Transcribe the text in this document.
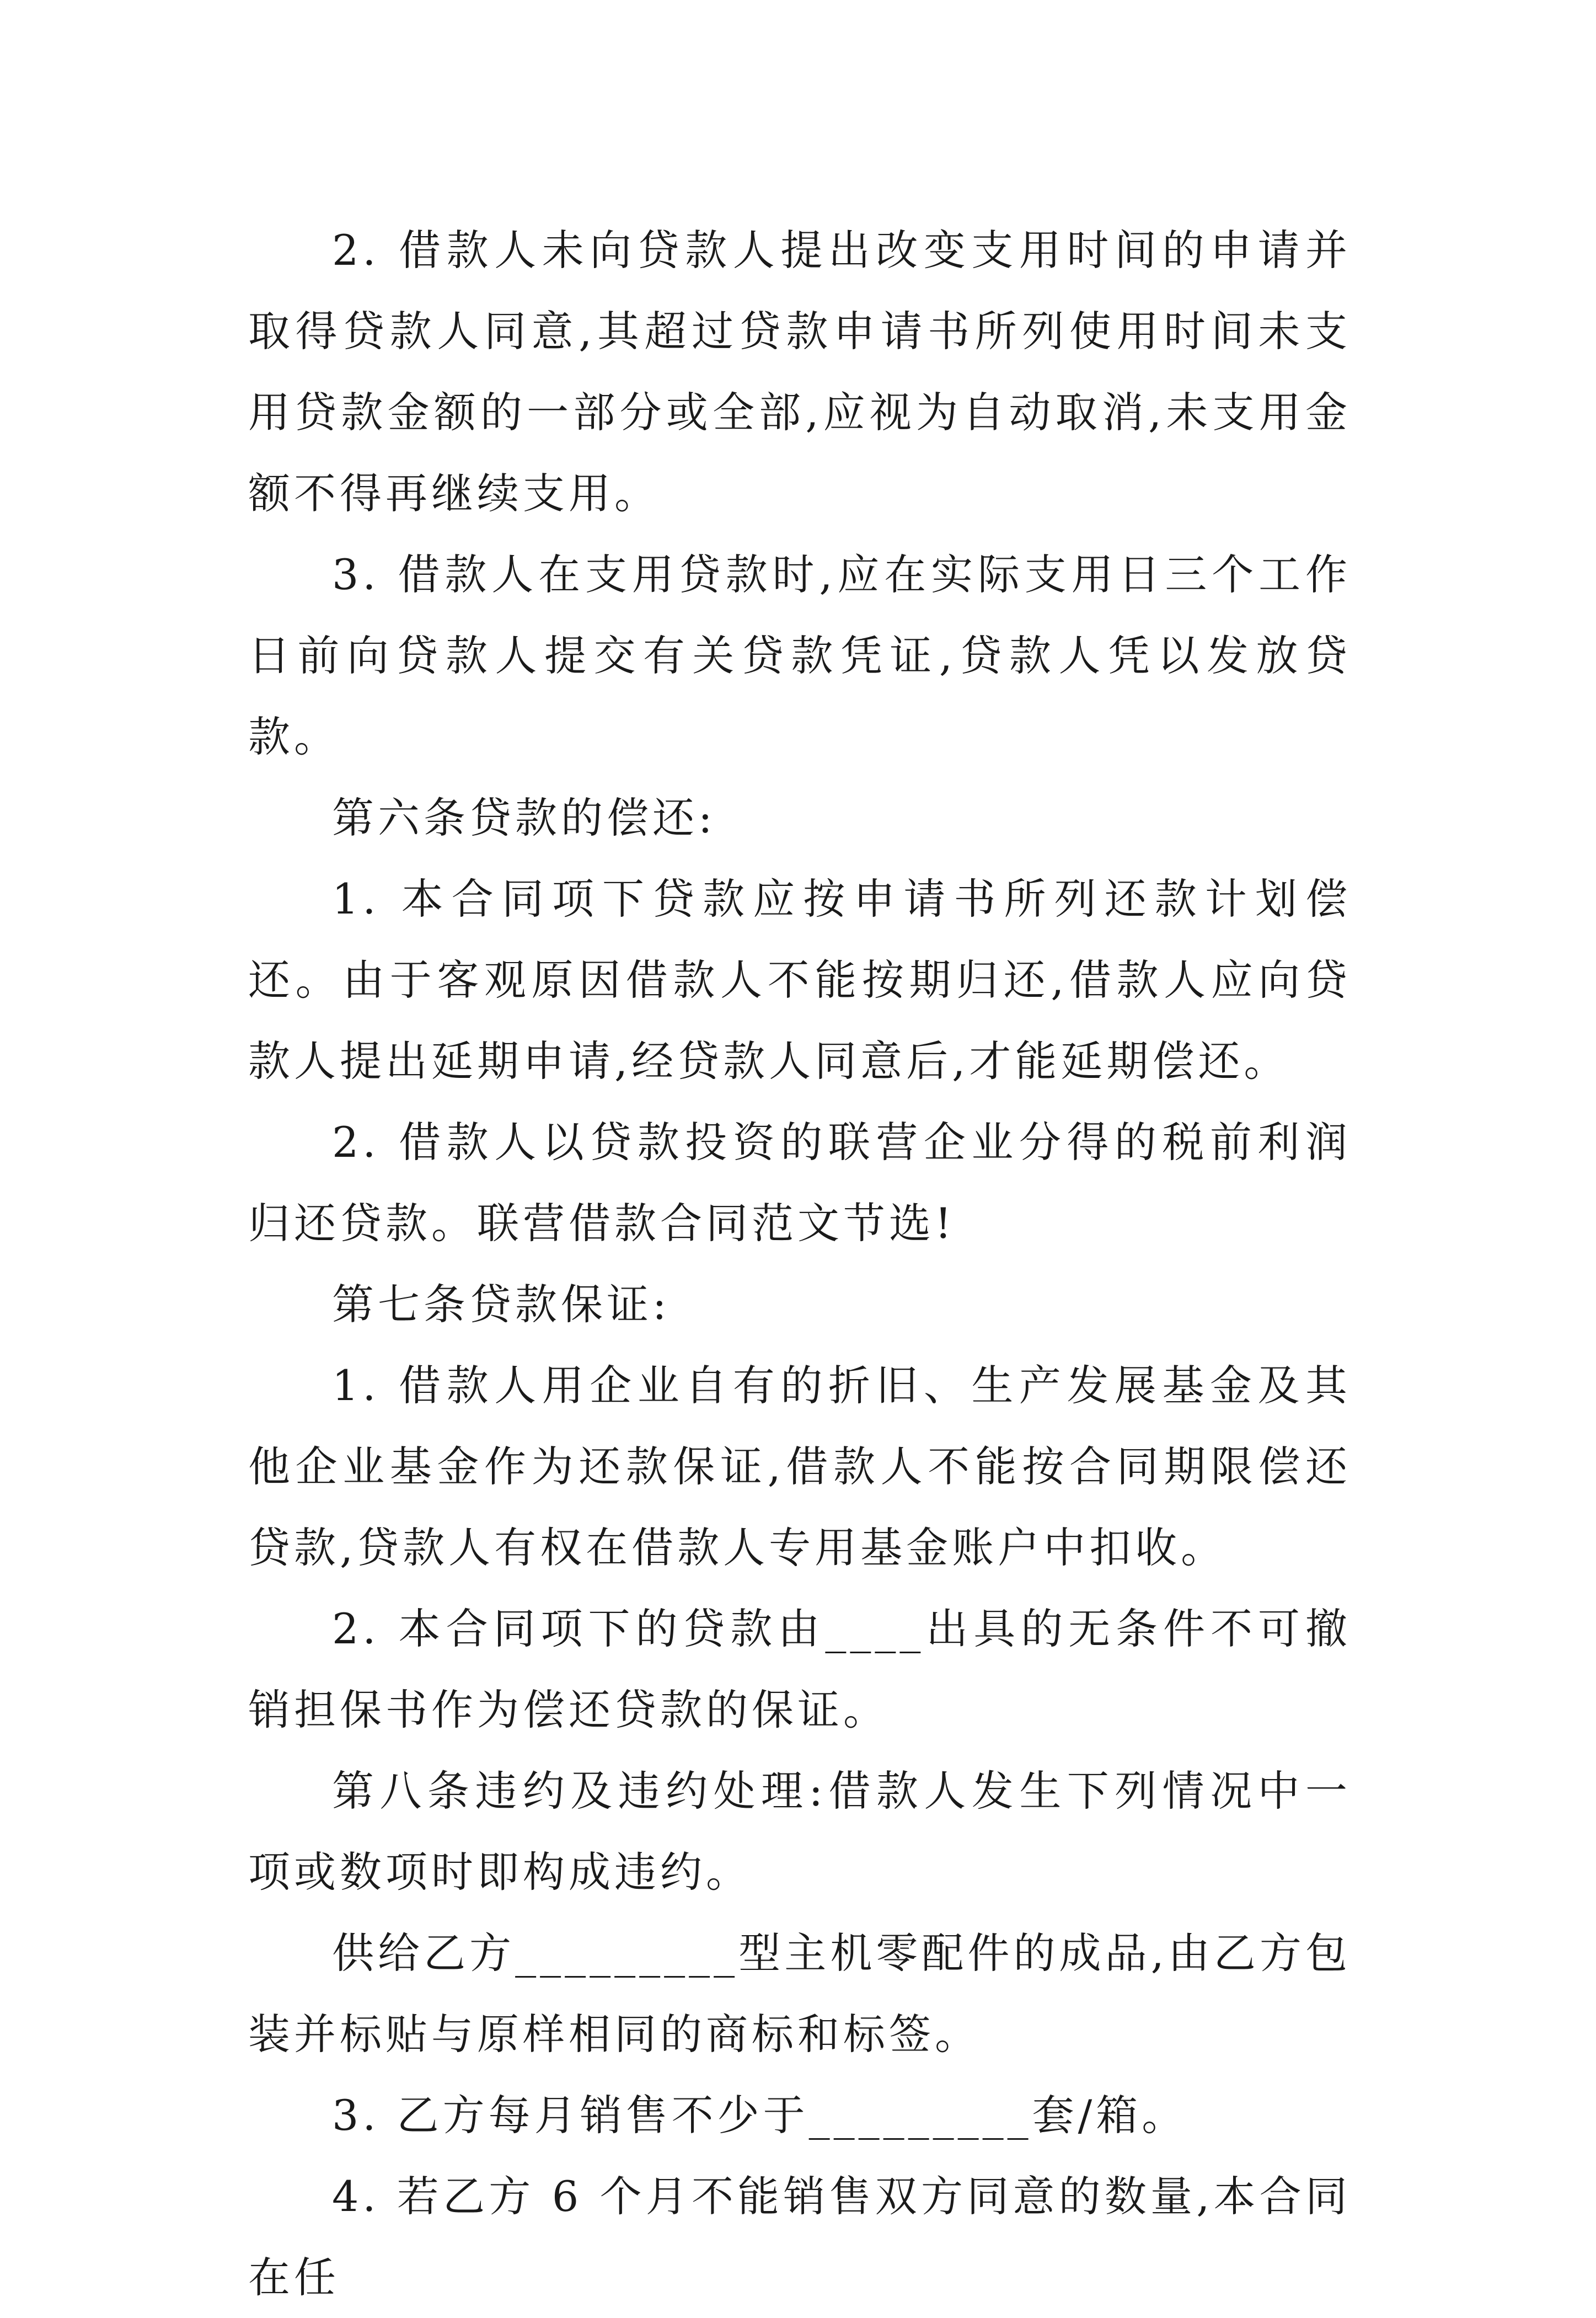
2. 借款人未向贷款人提出改变支用时间的申请并取得贷款人同意,其超过贷款申请书所列使用时间未支用贷款金额的一部分或全部,应视为自动取消,未支用金额不得再继续支用。

3. 借款人在支用贷款时,应在实际支用日三个工作日前向贷款人提交有关贷款凭证,贷款人凭以发放贷款。

第六条贷款的偿还:

1. 本合同项下贷款应按申请书所列还款计划偿还。由于客观原因借款人不能按期归还,借款人应向贷款人提出延期申请,经贷款人同意后,才能延期偿还。

2. 借款人以贷款投资的联营企业分得的税前利润归还贷款。联营借款合同范文节选!

第七条贷款保证:

1. 借款人用企业自有的折旧、生产发展基金及其他企业基金作为还款保证,借款人不能按合同期限偿还贷款,贷款人有权在借款人专用基金账户中扣收。

2. 本合同项下的贷款由____出具的无条件不可撤销担保书作为偿还贷款的保证。

第八条违约及违约处理:借款人发生下列情况中一项或数项时即构成违约。

供给乙方_________型主机零配件的成品,由乙方包装并标贴与原样相同的商标和标签。

3. 乙方每月销售不少于_________套/箱。

4. 若乙方 6 个月不能销售双方同意的数量,本合同在任
